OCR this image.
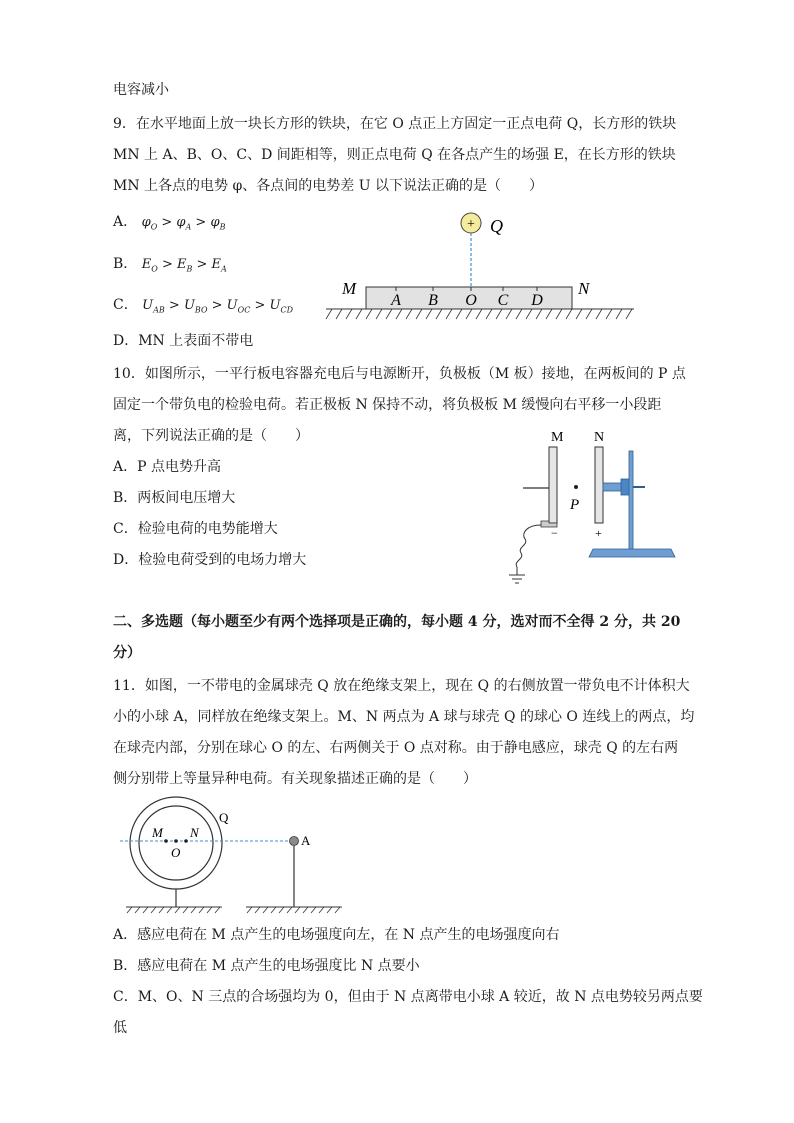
电容减小
9．在水平地面上放一块长方形的铁块，在它 O 点正上方固定一正点电荷 Q，长方形的铁块
MN 上 A、B、O、C、D 间距相等，则正点电荷 Q 在各点产生的场强 E，在长方形的铁块
MN 上各点的电势 φ、各点间的电势差 U 以下说法正确的是（　　）
A． $\varphi_O > \varphi_A > \varphi_B$
B． $E_O > E_B > E_A$
C． $U_{AB} > U_{BO} > U_{OC} > U_{CD}$
D．MN 上表面不带电
+ Q
M	N
A B O C D
10．如图所示，一平行板电容器充电后与电源断开，负极板（M 板）接地，在两板间的 P 点
固定一个带负电的检验电荷。若正极板 N 保持不动，将负极板 M 缓慢向右平移一小段距
离，下列说法正确的是（　　）
A．P 点电势升高
B．两板间电压增大
C．检验电荷的电势能增大
D．检验电荷受到的电场力增大
M N
−
P
+
二、多选题（每小题至少有两个选择项是正确的，每小题 4 分，选对而不全得 2 分，共 20
分）
11．如图，一不带电的金属球壳 Q 放在绝缘支架上，现在 Q 的右侧放置一带负电不计体积大
小的小球 A，同样放在绝缘支架上。M、N 两点为 A 球与球壳 Q 的球心 O 连线上的两点，均
在球壳内部，分别在球心 O 的左、右两侧关于 O 点对称。由于静电感应，球壳 Q 的左右两
侧分别带上等量异种电荷。有关现象描述正确的是（　　）
Q
M
O
N
A
A．感应电荷在 M 点产生的电场强度向左，在 N 点产生的电场强度向右
B．感应电荷在 M 点产生的电场强度比 N 点要小
C．M、O、N 三点的合场强均为 0，但由于 N 点离带电小球 A 较近，故 N 点电势较另两点要
低
